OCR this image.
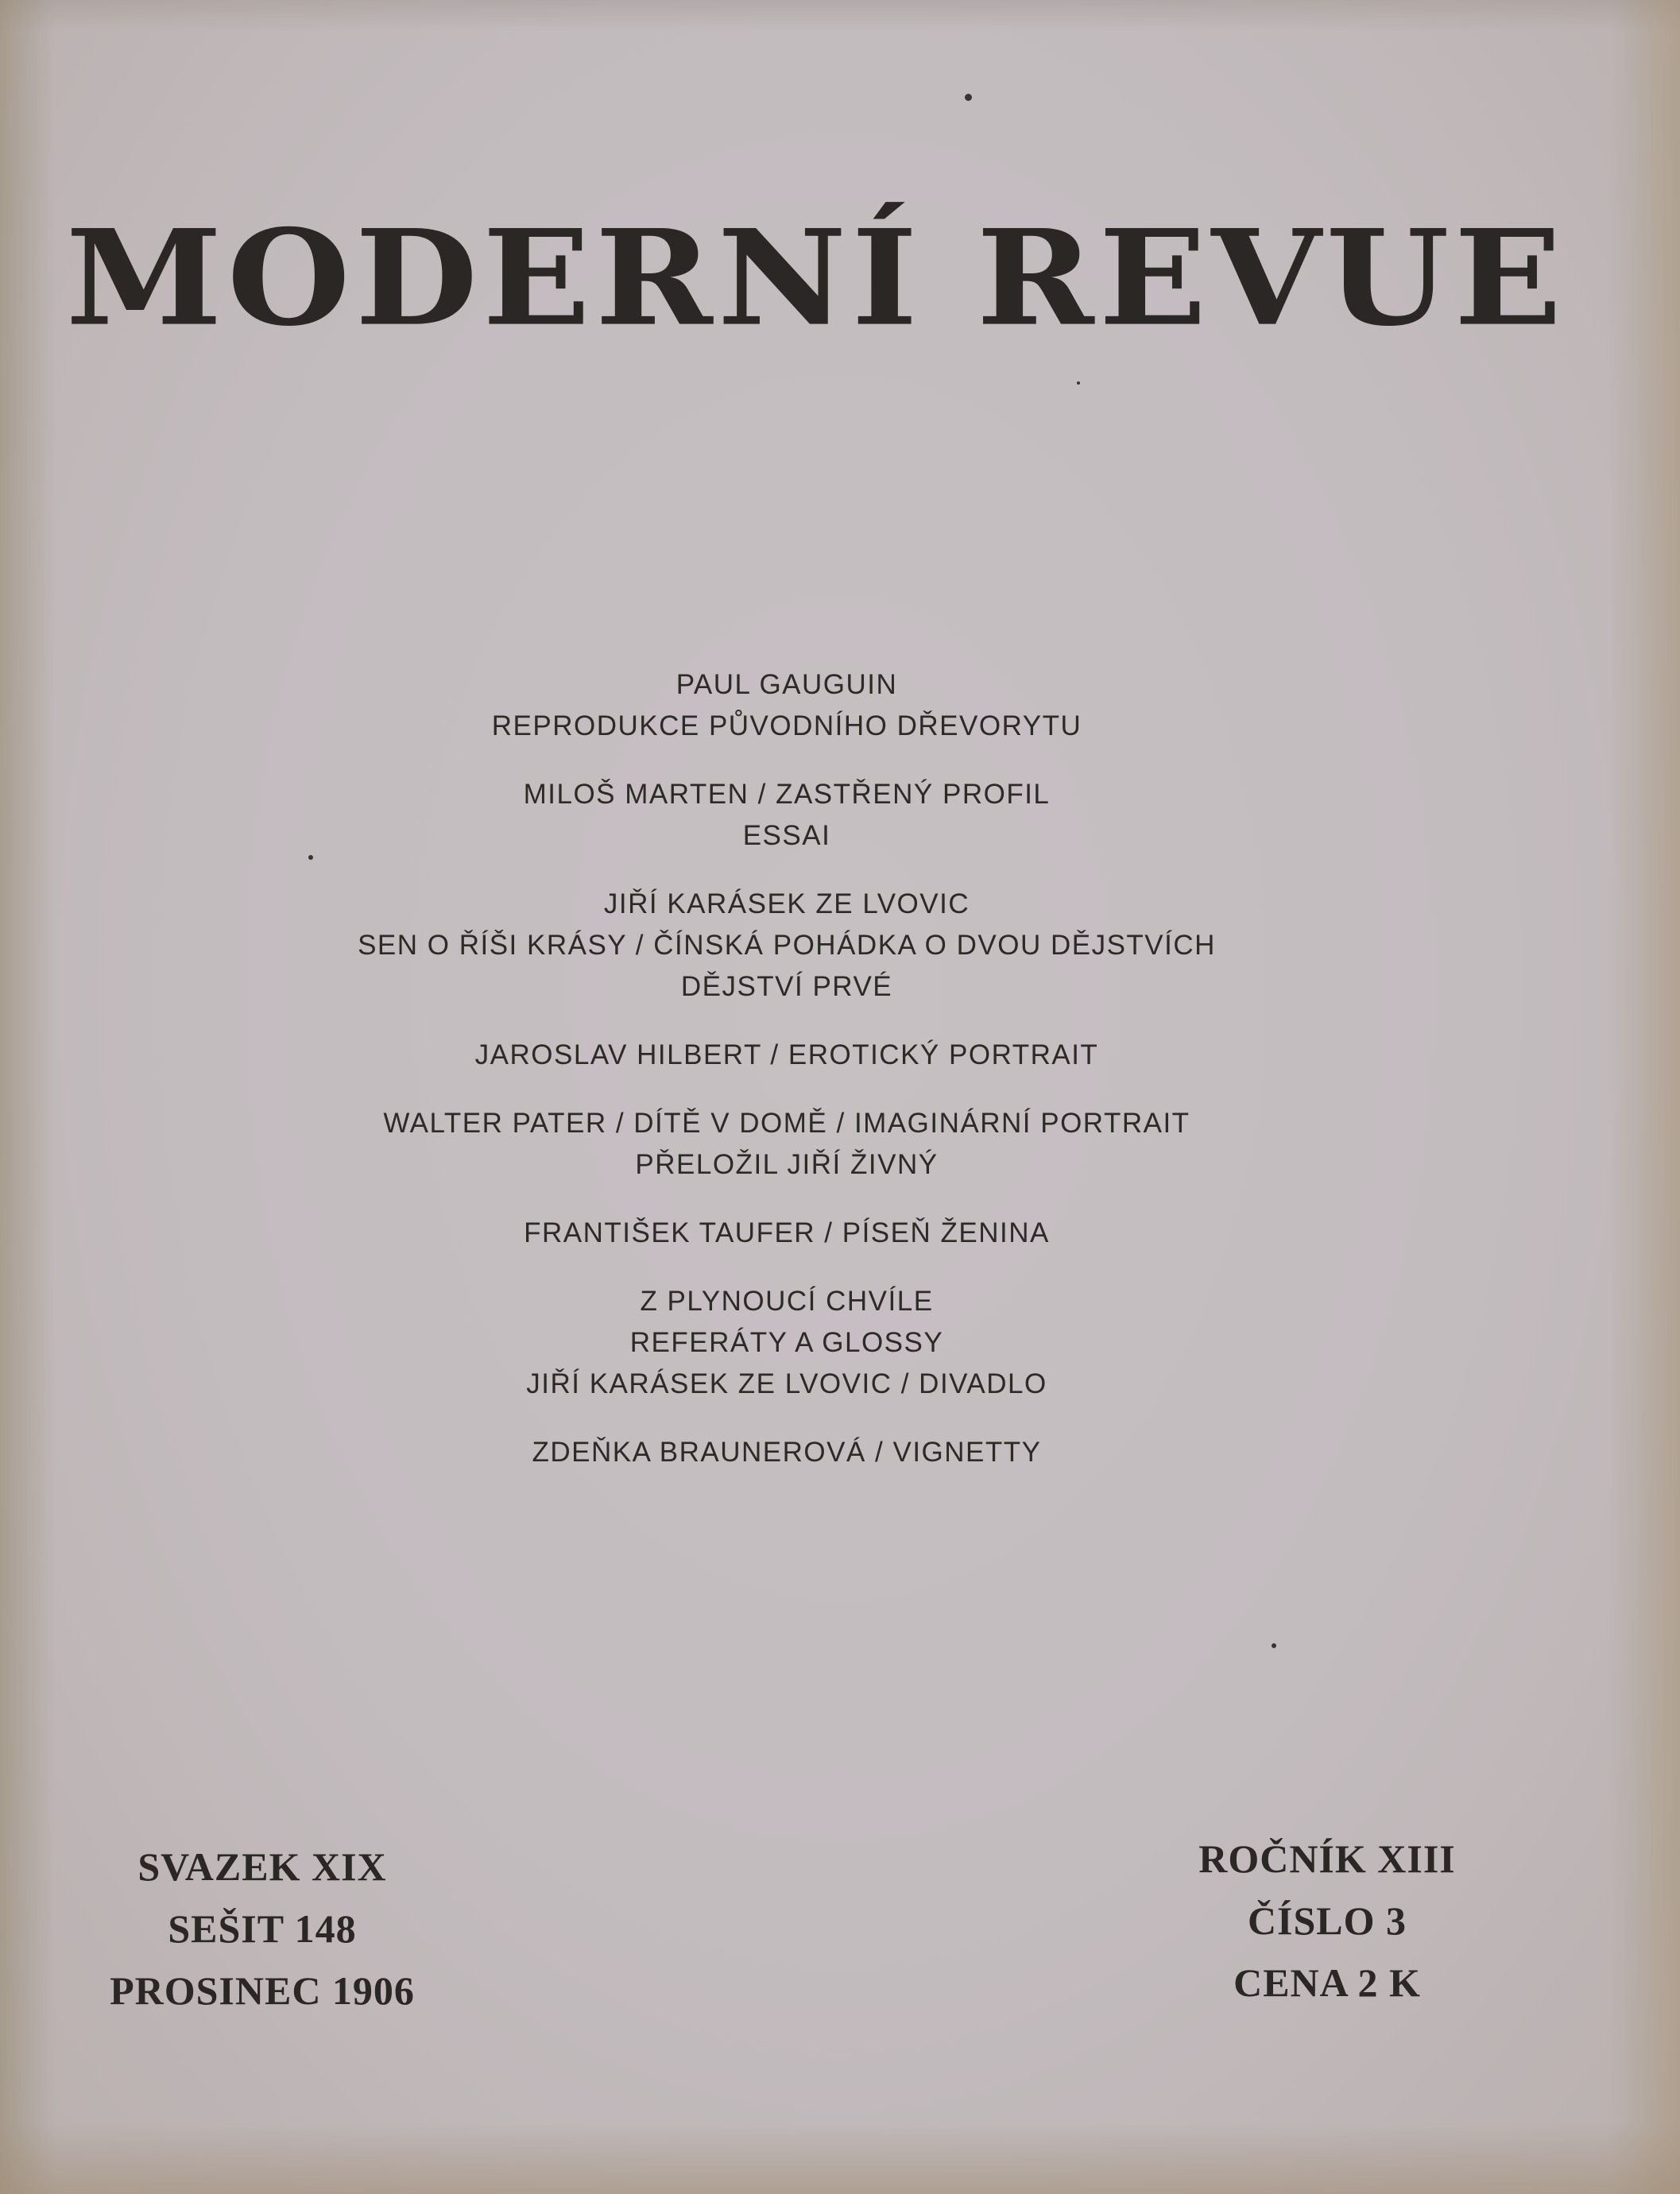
MODERNÍ REVUE
PAUL GAUGUIN
REPRODUKCE PŮVODNÍHO DŘEVORYTU
MILOŠ MARTEN / ZASTŘENÝ PROFIL
ESSAI
JIŘÍ KARÁSEK ZE LVOVIC
SEN O ŘÍŠI KRÁSY / ČÍNSKÁ POHÁDKA O DVOU DĚJSTVÍCH
DĚJSTVÍ PRVÉ
JAROSLAV HILBERT / EROTICKÝ PORTRAIT
WALTER PATER / DÍTĚ V DOMĚ / IMAGINÁRNÍ PORTRAIT
PŘELOŽIL JIŘÍ ŽIVNÝ
FRANTIŠEK TAUFER / PÍSEŇ ŽENINA
Z PLYNOUCÍ CHVÍLE
REFERÁTY A GLOSSY
JIŘÍ KARÁSEK ZE LVOVIC / DIVADLO
ZDEŇKA BRAUNEROVÁ / VIGNETTY
SVAZEK XIX
SEŠIT 148
PROSINEC 1906
ROČNÍK XIII
ČÍSLO 3
CENA 2 K
